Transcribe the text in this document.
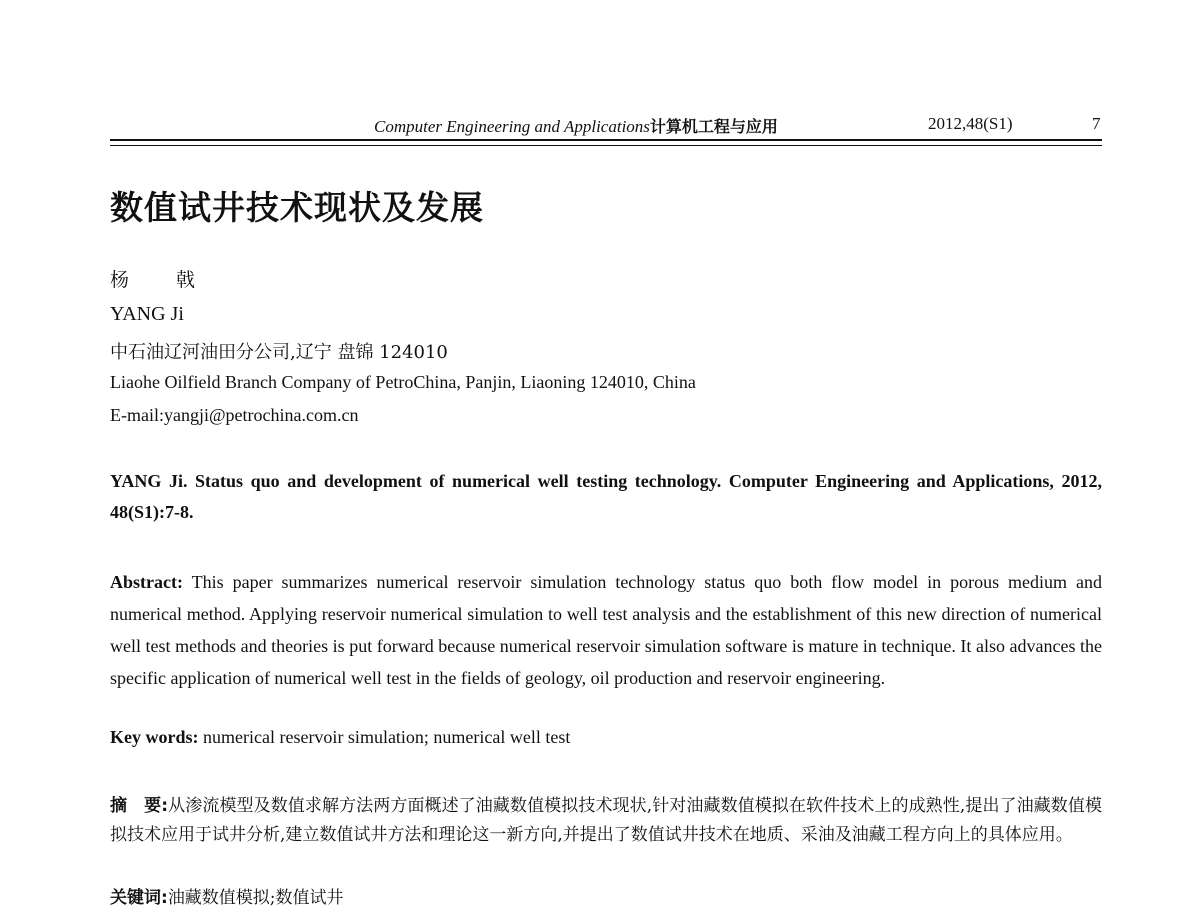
Computer Engineering and Applications计算机工程与应用	2012,48(S1)	7
数值试井技术现状及发展
杨　戟
YANG Ji
中石油辽河油田分公司,辽宁 盘锦 124010
Liaohe Oilfield Branch Company of PetroChina, Panjin, Liaoning 124010, China
E-mail:yangji@petrochina.com.cn
YANG Ji. Status quo and development of numerical well testing technology. Computer Engineering and Applications, 2012, 48(S1):7-8.
Abstract: This paper summarizes numerical reservoir simulation technology status quo both flow model in porous medium and numerical method. Applying reservoir numerical simulation to well test analysis and the establishment of this new direction of numerical well test methods and theories is put forward because numerical reservoir simulation software is mature in technique. It also advances the specific application of numerical well test in the fields of geology, oil production and reservoir engineering.
Key words: numerical reservoir simulation; numerical well test
摘　要:从渗流模型及数值求解方法两方面概述了油藏数值模拟技术现状,针对油藏数值模拟在软件技术上的成熟性,提出了油藏数值模拟技术应用于试井分析,建立数值试井方法和理论这一新方向,并提出了数值试井技术在地质、采油及油藏工程方向上的具体应用。
关键词:油藏数值模拟;数值试井
